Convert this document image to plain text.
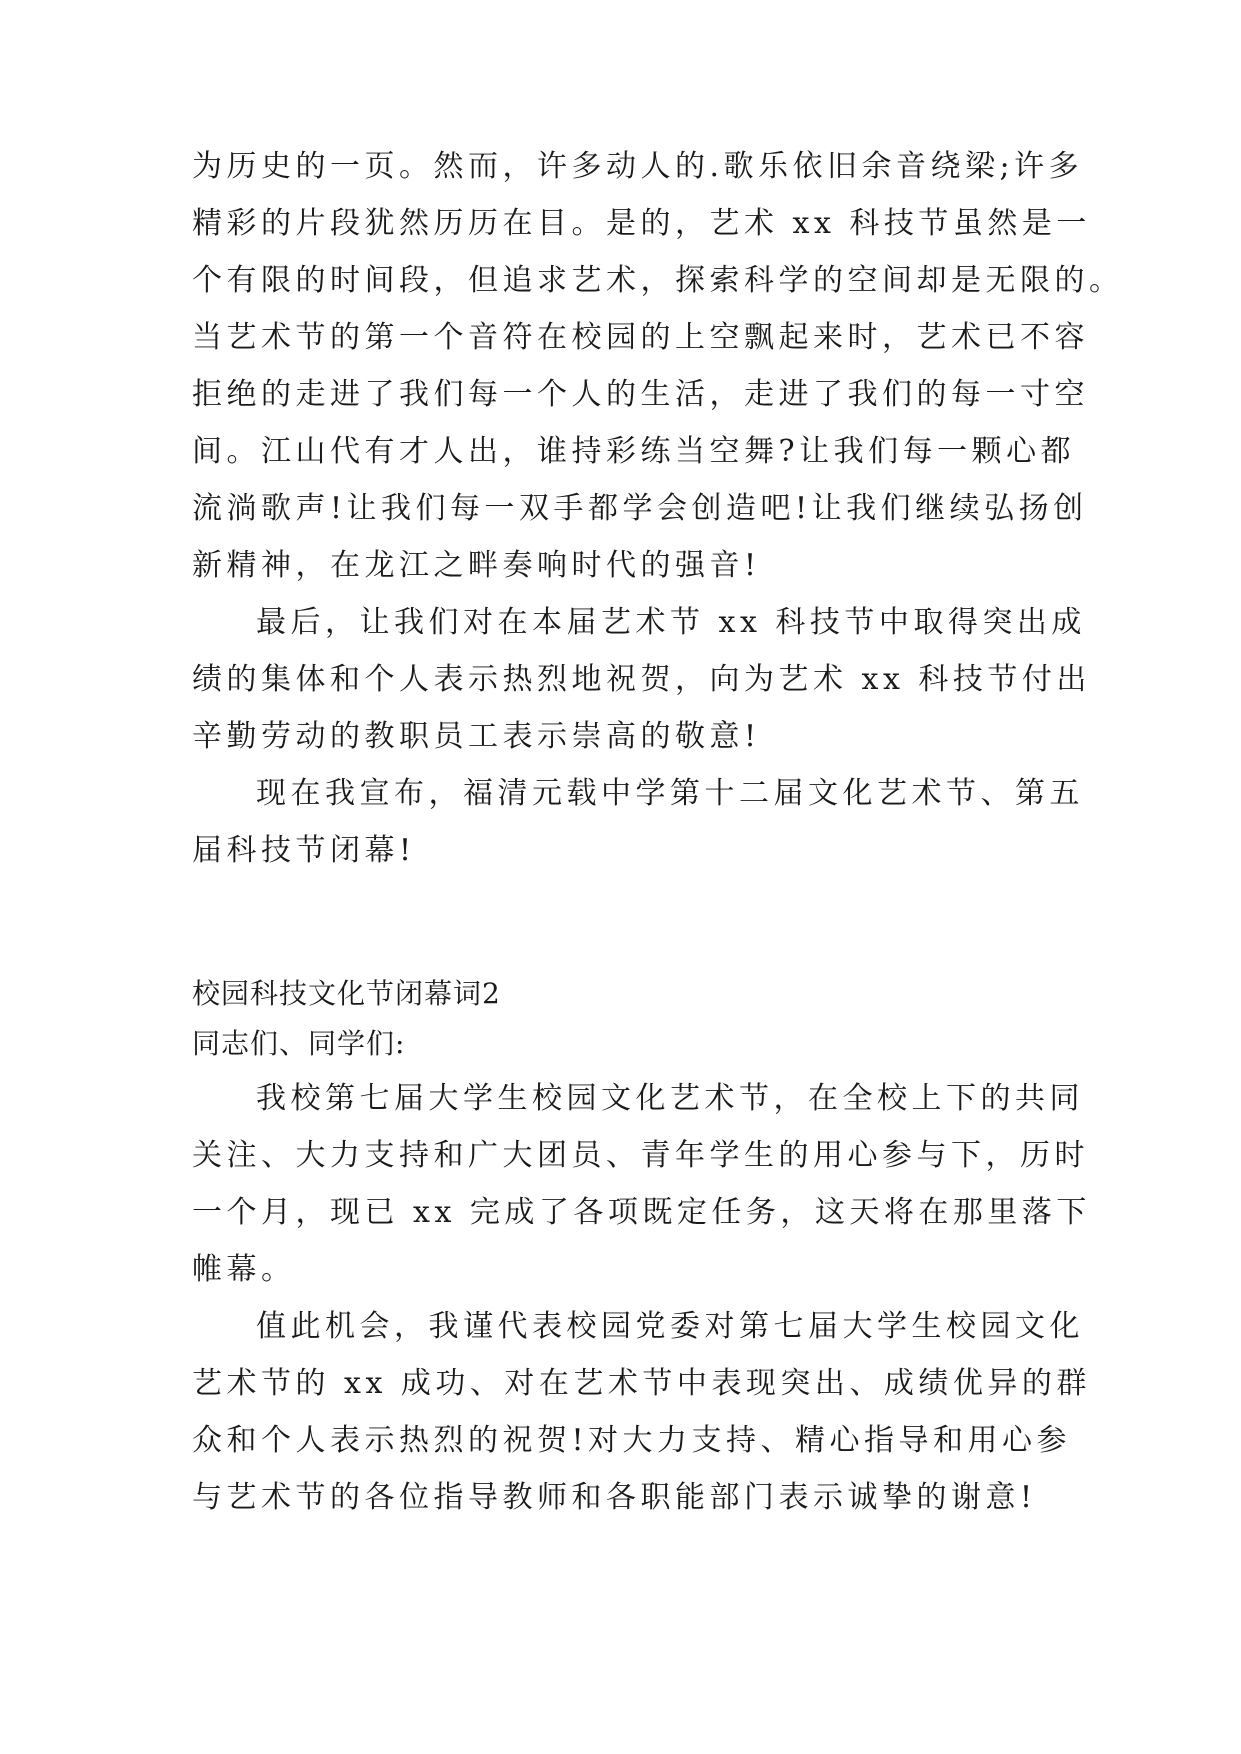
为历史的一页。然而，许多动人的.歌乐依旧余音绕梁;许多
精彩的片段犹然历历在目。是的，艺术 xx 科技节虽然是一
个有限的时间段，但追求艺术，探索科学的空间却是无限的。
当艺术节的第一个音符在校园的上空飘起来时，艺术已不容
拒绝的走进了我们每一个人的生活，走进了我们的每一寸空
间。江山代有才人出，谁持彩练当空舞?让我们每一颗心都
流淌歌声!让我们每一双手都学会创造吧!让我们继续弘扬创
新精神，在龙江之畔奏响时代的强音!
最后，让我们对在本届艺术节 xx 科技节中取得突出成
绩的集体和个人表示热烈地祝贺，向为艺术 xx 科技节付出
辛勤劳动的教职员工表示崇高的敬意!
现在我宣布，福清元载中学第十二届文化艺术节、第五
届科技节闭幕!
校园科技文化节闭幕词2
同志们、同学们:
我校第七届大学生校园文化艺术节，在全校上下的共同
关注、大力支持和广大团员、青年学生的用心参与下，历时
一个月，现已 xx 完成了各项既定任务，这天将在那里落下
帷幕。
值此机会，我谨代表校园党委对第七届大学生校园文化
艺术节的 xx 成功、对在艺术节中表现突出、成绩优异的群
众和个人表示热烈的祝贺!对大力支持、精心指导和用心参
与艺术节的各位指导教师和各职能部门表示诚挚的谢意!
